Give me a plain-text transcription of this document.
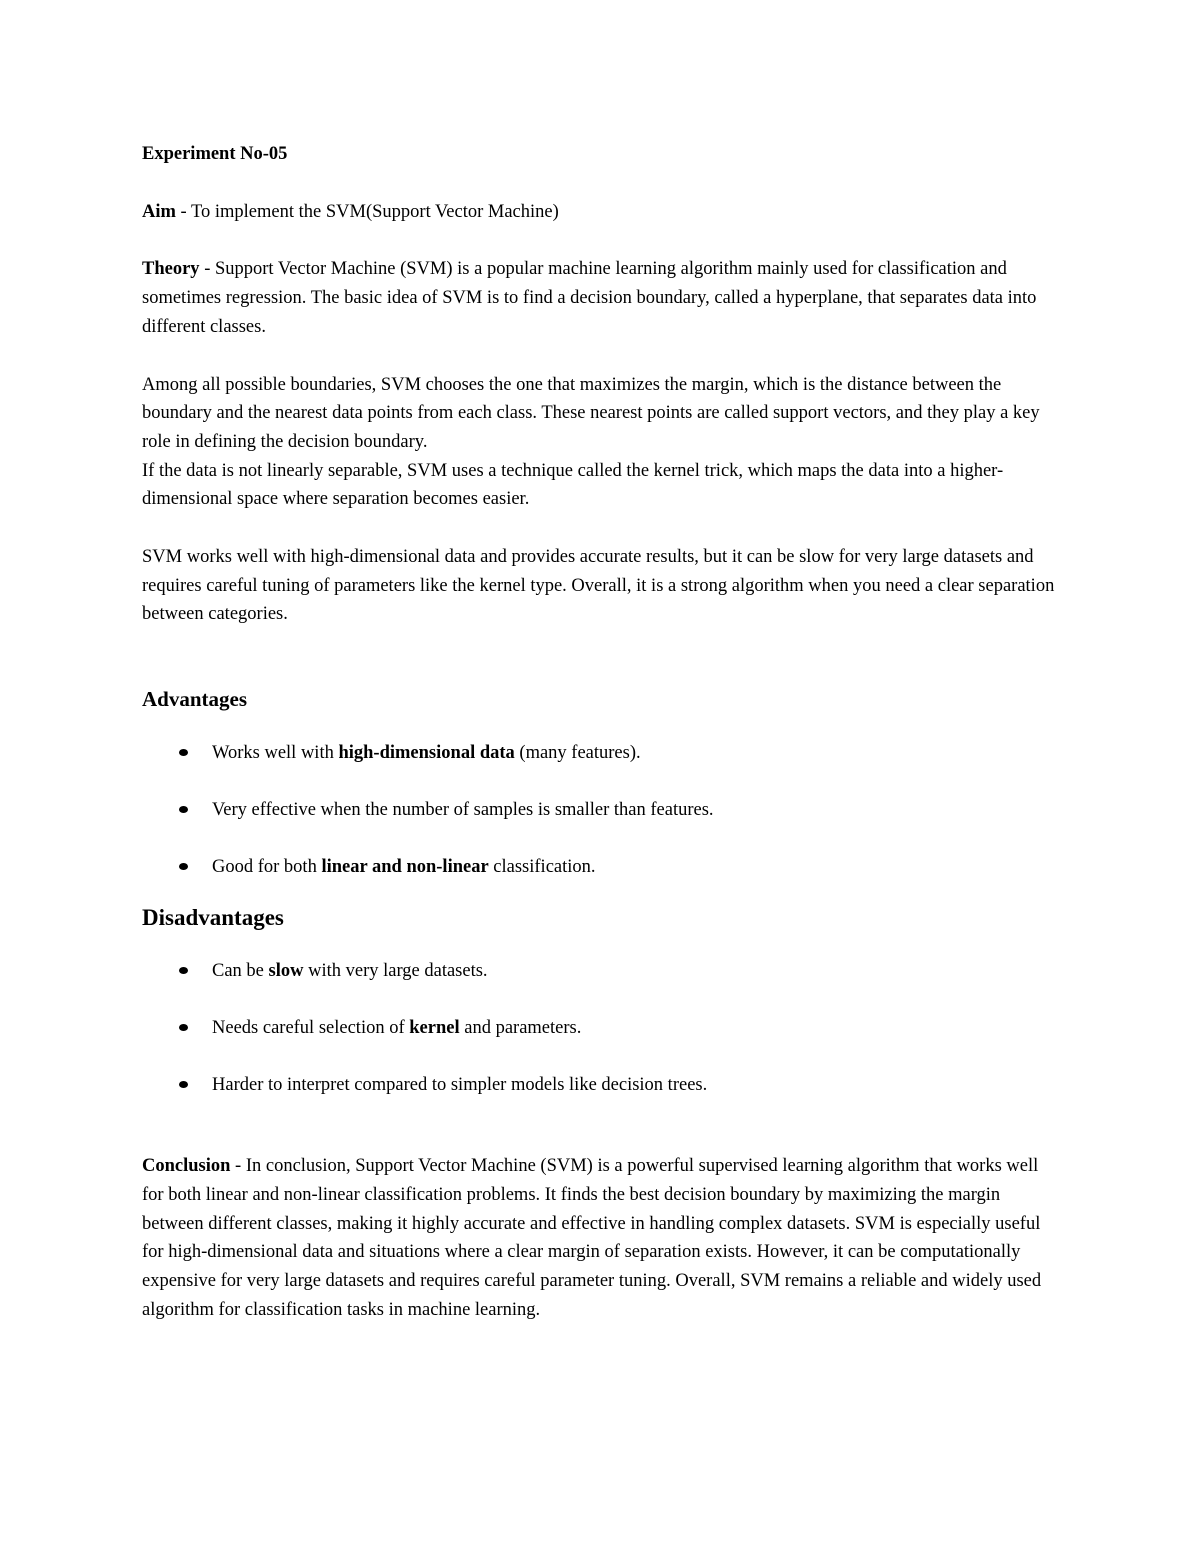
Experiment No-05

Aim - To implement the SVM(Support Vector Machine)

Theory - Support Vector Machine (SVM) is a popular machine learning algorithm mainly used for classification and sometimes regression. The basic idea of SVM is to find a decision boundary, called a hyperplane, that separates data into different classes.

Among all possible boundaries, SVM chooses the one that maximizes the margin, which is the distance between the boundary and the nearest data points from each class. These nearest points are called support vectors, and they play a key role in defining the decision boundary.
If the data is not linearly separable, SVM uses a technique called the kernel trick, which maps the data into a higher-dimensional space where separation becomes easier.

SVM works well with high-dimensional data and provides accurate results, but it can be slow for very large datasets and requires careful tuning of parameters like the kernel type. Overall, it is a strong algorithm when you need a clear separation between categories.

Advantages
Works well with high-dimensional data (many features).
Very effective when the number of samples is smaller than features.
Good for both linear and non-linear classification.
Disadvantages
Can be slow with very large datasets.
Needs careful selection of kernel and parameters.
Harder to interpret compared to simpler models like decision trees.

Conclusion - In conclusion, Support Vector Machine (SVM) is a powerful supervised learning algorithm that works well for both linear and non-linear classification problems. It finds the best decision boundary by maximizing the margin between different classes, making it highly accurate and effective in handling complex datasets. SVM is especially useful for high-dimensional data and situations where a clear margin of separation exists. However, it can be computationally expensive for very large datasets and requires careful parameter tuning. Overall, SVM remains a reliable and widely used algorithm for classification tasks in machine learning.
